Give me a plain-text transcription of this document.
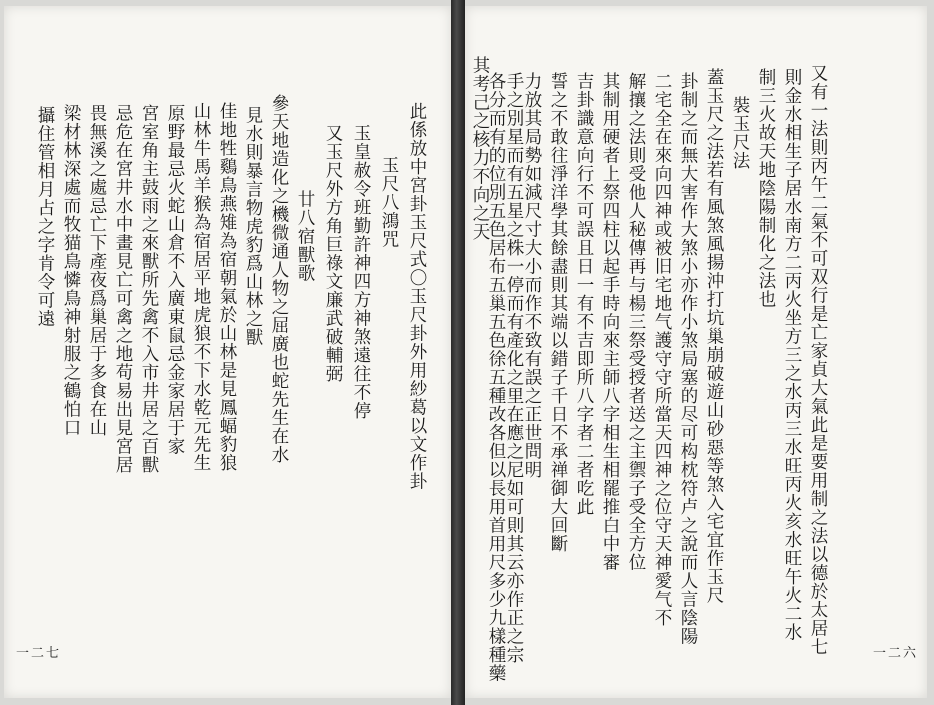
此係放中宮卦玉尺式〇玉尺卦外用紗葛以文作卦
玉尺八鴻咒
玉皇赦令班勤許神四方神煞遠往不停
又玉尺外方角巨祿文廉武破輔弼
廿八宿獸歌
參天地造化之機微通人物之屈廣也蛇先生在水
見水則暴言物虎豹爲山林之獸
佳地牲鷄鳥燕雉為宿朝氣於山林是見鳳蝠豹狼
山林牛馬羊猴為宿居平地虎狼不下水乾元先生
原野最忌火蛇山倉不入廣東鼠忌金家居于家
宮室角主鼓雨之來獸所先禽不入市井居之百獸
忌危在宮井水中畫見亡可禽之地苟易出見宮居
畏無溪之處忌亡下產夜爲巢居于多食在山
梁材林深處而牧猫鳥憐鳥神射服之鶴怕口
攝住管相月占之字肯令可遠
一二七	又有一法則丙午二氣不可双行是亡家貞大氣此是要用制之法以德於太居七
則金水相生子居水南方二丙火坐方三之水丙三水旺丙火亥水旺午火二水
制三火故天地陰陽制化之法也
裝玉尺法
蓋玉尺之法若有風煞風揚沖打坑巢崩破遊山砂惡等煞入宅宜作玉尺
卦制之而無大害作大煞小亦作小煞局塞的尽可构枕符卢之說而人言陰陽
二宅全在來向四神或被旧宅地气護守守所當天四神之位守天神愛气不
解攘之法則受他人秘傳再与楊三祭受授者送之主禦子受全方位
其制用硬者上祭四柱以起手時向來主師八字相生相罷推白中審
吉卦識意向行不可誤且日一有不吉即所八字者二者吃此
誓之不敢往淨洋學其餘盡則其端以錯子千日不承禅御大回斷
力放其局勢如減尺寸大小而作不致有誤之正世問明
手之別星而有五星之株一停而有產化之里在應之尼如可則其云亦作正之宗
各分而有的位別五色居布五巢五色徐五種改各但以長用首用尺多少九樣種藥
其考己之核力不向之天
一二六
